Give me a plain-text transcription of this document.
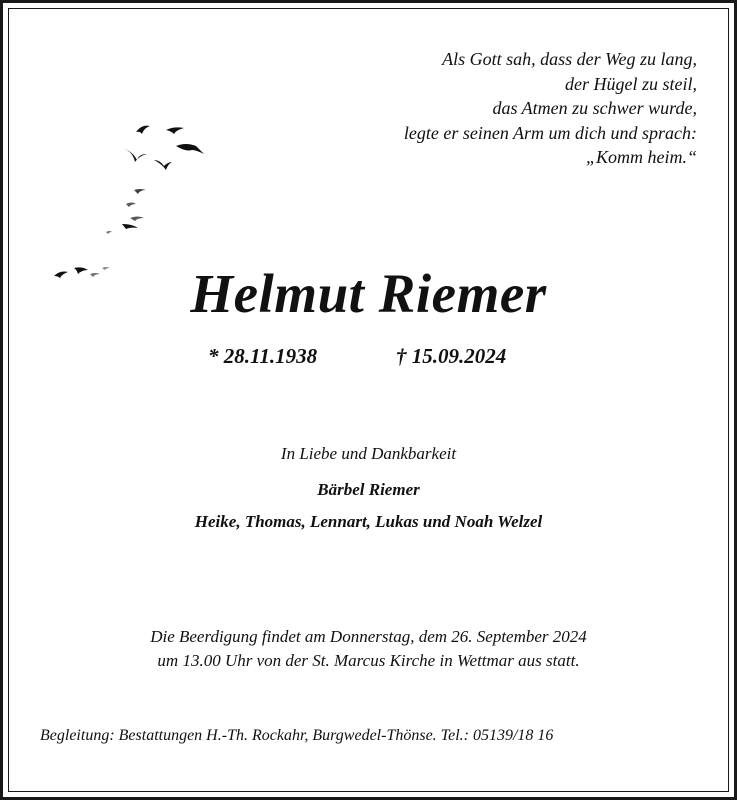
Als Gott sah, dass der Weg zu lang,
der Hügel zu steil,
das Atmen zu schwer wurde,
legte er seinen Arm um dich und sprach:
„Komm heim.“
Helmut Riemer
* 28.11.1938	† 15.09.2024
In Liebe und Dankbarkeit
Bärbel Riemer
Heike, Thomas, Lennart, Lukas und Noah Welzel
Die Beerdigung findet am Donnerstag, dem 26. September 2024
um 13.00 Uhr von der St. Marcus Kirche in Wettmar aus statt.
Begleitung: Bestattungen H.-Th. Rockahr, Burgwedel-Thönse. Tel.: 05139/18 16
